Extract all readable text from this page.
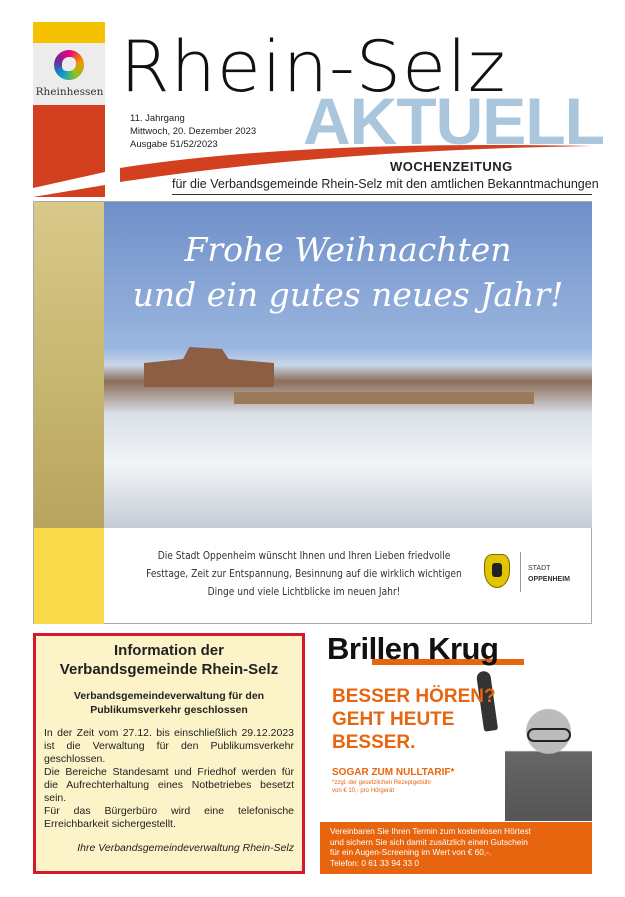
Rheinhessen	AKTUELL
Rhein-Selz
11. Jahrgang
Mittwoch, 20. Dezember 2023
Ausgabe 51/52/2023
WOCHENZEITUNG
für die Verbandsgemeinde Rhein-Selz mit den amtlichen Bekanntmachungen
Frohe Weihnachten
und ein gutes neues Jahr!
Die Stadt Oppenheim wünscht Ihnen und Ihren Lieben friedvolle Festtage, Zeit zur Entspannung, Besinnung auf die wirklich wichtigen Dinge und viele Lichtblicke im neuen Jahr!
STADT
OPPENHEIM
Information der
Verbandsgemeinde Rhein-Selz
Verbandsgemeindeverwaltung für den Publikumsverkehr geschlossen

In der Zeit vom 27.12. bis einschließlich 29.12.2023 ist die Verwaltung für den Publikumsverkehr geschlossen.
Die Bereiche Standesamt und Friedhof werden für die Aufrechterhaltung eines Notbetriebes besetzt sein.
Für das Bürgerbüro wird eine telefonische Erreichbarkeit sichergestellt.

Ihre Verbandsgemeindeverwaltung Rhein-Selz

Brillen Krug
BESSER HÖREN?
GEHT HEUTE
BESSER.
SOGAR ZUM NULLTARIF*
*zzgl. der gesetzlichen Rezeptgebühr
von € 10,- pro Hörgerät
Vereinbaren Sie Ihren Termin zum kostenlosen Hörtest
und sichern Sie sich damit zusätzlich einen Gutschein
für ein Augen-Screening im Wert von € 60,-.
Telefon: 0 61 33 94 33 0
